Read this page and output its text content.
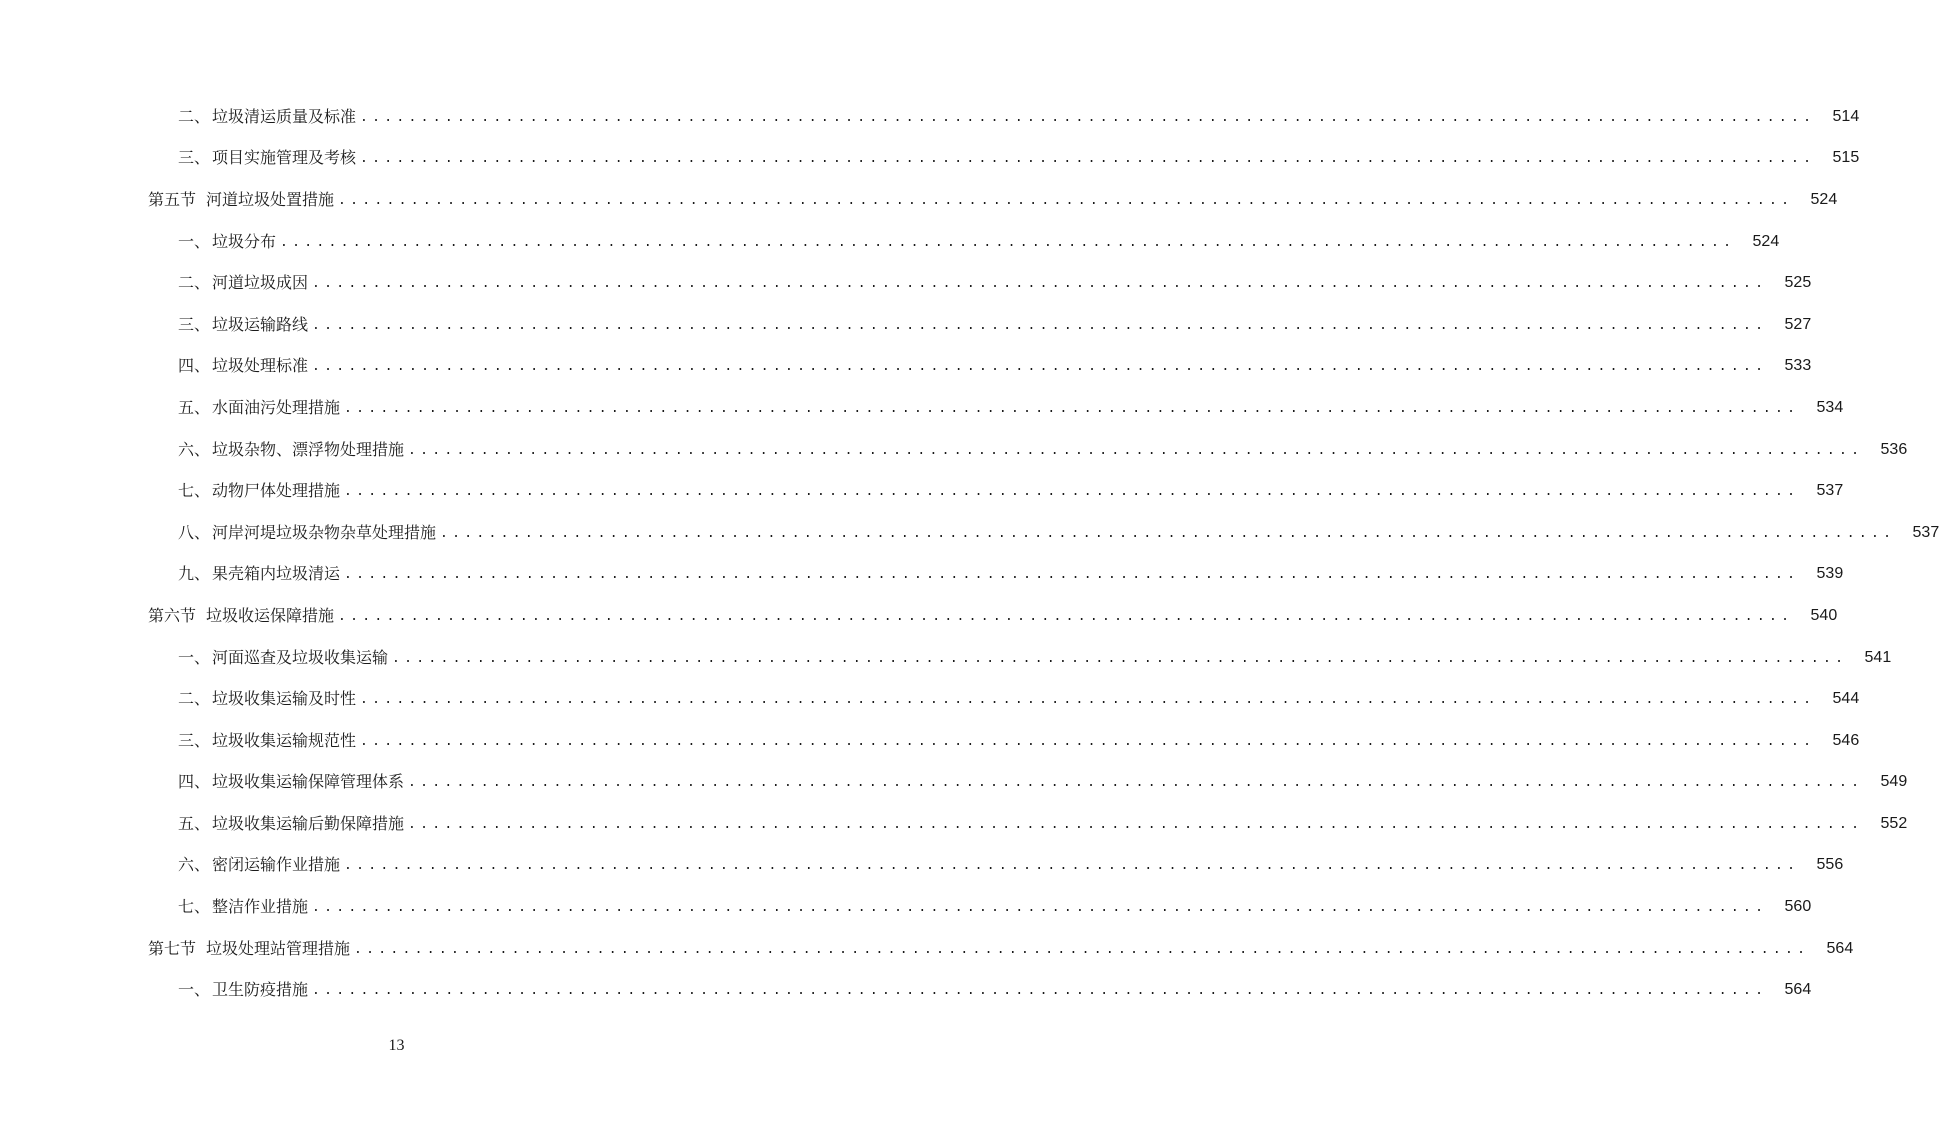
二、 垃圾清运质量及标准 ........................................................................................................................	514
三、 项目实施管理及考核 ........................................................................................................................	515
第五节 河道垃圾处置措施 ........................................................................................................................	524
一、 垃圾分布 ........................................................................................................................	524
二、 河道垃圾成因 ........................................................................................................................	525
三、 垃圾运输路线 ........................................................................................................................	527
四、 垃圾处理标准 ........................................................................................................................	533
五、 水面油污处理措施 ........................................................................................................................	534
六、 垃圾杂物、漂浮物处理措施 ........................................................................................................................	536
七、 动物尸体处理措施 ........................................................................................................................	537
八、 河岸河堤垃圾杂物杂草处理措施 ........................................................................................................................	537
九、 果壳箱内垃圾清运 ........................................................................................................................	539
第六节 垃圾收运保障措施 ........................................................................................................................	540
一、 河面巡查及垃圾收集运输 ........................................................................................................................	541
二、 垃圾收集运输及时性 ........................................................................................................................	544
三、 垃圾收集运输规范性 ........................................................................................................................	546
四、 垃圾收集运输保障管理体系 ........................................................................................................................	549
五、 垃圾收集运输后勤保障措施 ........................................................................................................................	552
六、 密闭运输作业措施 ........................................................................................................................	556
七、 整洁作业措施 ........................................................................................................................	560
第七节 垃圾处理站管理措施 ........................................................................................................................	564
一、 卫生防疫措施 ........................................................................................................................	564
13
